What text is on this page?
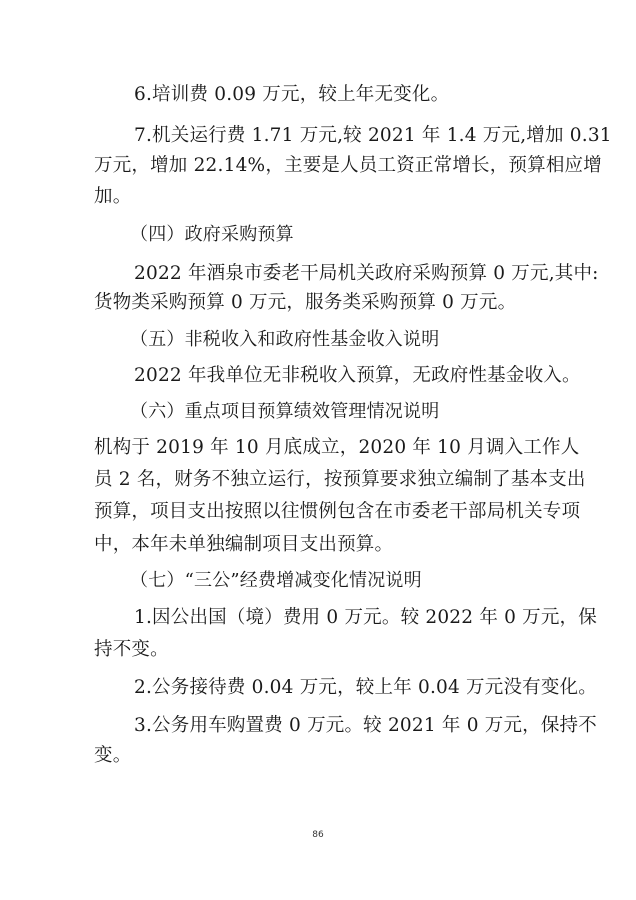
6.培训费 0.09 万元，较上年无变化。
7.机关运行费 1.71 万元,较 2021 年 1.4 万元,增加 0.31
万元，增加 22.14%，主要是人员工资正常增长，预算相应增
加。
（四）政府采购预算
2022 年酒泉市委老干局机关政府采购预算 0 万元,其中:
货物类采购预算 0 万元，服务类采购预算 0 万元。
（五）非税收入和政府性基金收入说明
2022 年我单位无非税收入预算，无政府性基金收入。
（六）重点项目预算绩效管理情况说明
机构于 2019 年 10 月底成立，2020 年 10 月调入工作人
员 2 名，财务不独立运行，按预算要求独立编制了基本支出
预算，项目支出按照以往惯例包含在市委老干部局机关专项
中，本年未单独编制项目支出预算。
（七）“三公”经费增减变化情况说明
1.因公出国（境）费用 0 万元。较 2022 年 0 万元，保
持不变。
2.公务接待费 0.04 万元，较上年 0.04 万元没有变化。
3.公务用车购置费 0 万元。较 2021 年 0 万元，保持不
变。
86
